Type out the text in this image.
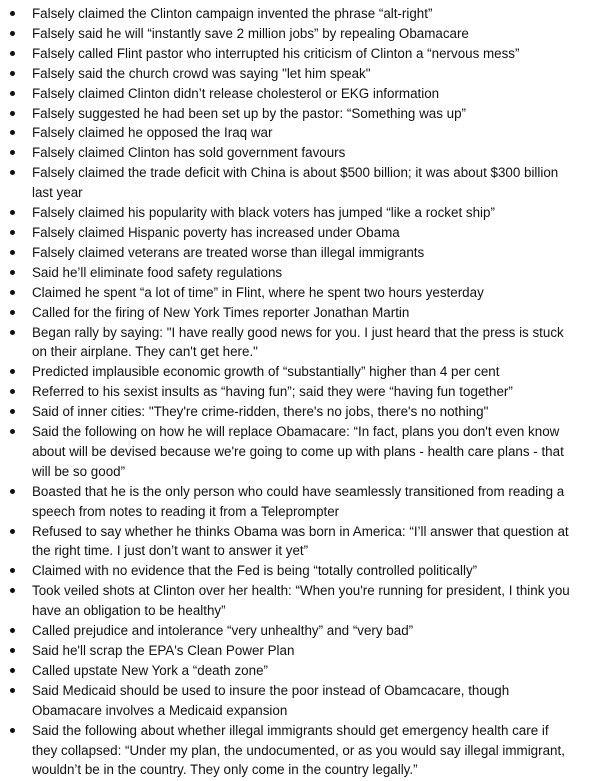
Falsely claimed the Clinton campaign invented the phrase “alt-right”
Falsely said he will “instantly save 2 million jobs” by repealing Obamacare
Falsely called Flint pastor who interrupted his criticism of Clinton a “nervous mess”
Falsely said the church crowd was saying "let him speak"
Falsely claimed Clinton didn’t release cholesterol or EKG information
Falsely suggested he had been set up by the pastor: “Something was up”
Falsely claimed he opposed the Iraq war
Falsely claimed Clinton has sold government favours
Falsely claimed the trade deficit with China is about $500 billion; it was about $300 billion last year
Falsely claimed his popularity with black voters has jumped “like a rocket ship”
Falsely claimed Hispanic poverty has increased under Obama
Falsely claimed veterans are treated worse than illegal immigrants
Said he’ll eliminate food safety regulations
Claimed he spent “a lot of time” in Flint, where he spent two hours yesterday
Called for the firing of New York Times reporter Jonathan Martin
Began rally by saying: "I have really good news for you. I just heard that the press is stuck on their airplane. They can't get here."
Predicted implausible economic growth of “substantially” higher than 4 per cent
Referred to his sexist insults as “having fun”; said they were “having fun together”
Said of inner cities: "They're crime-ridden, there's no jobs, there's no nothing"
Said the following on how he will replace Obamacare: “In fact, plans you don't even know about will be devised because we're going to come up with plans - health care plans - that will be so good”
Boasted that he is the only person who could have seamlessly transitioned from reading a speech from notes to reading it from a Teleprompter
Refused to say whether he thinks Obama was born in America: “I’ll answer that question at the right time. I just don’t want to answer it yet”
Claimed with no evidence that the Fed is being “totally controlled politically”
Took veiled shots at Clinton over her health: “When you're running for president, I think you have an obligation to be healthy”
Called prejudice and intolerance “very unhealthy” and “very bad”
Said he'll scrap the EPA's Clean Power Plan
Called upstate New York a “death zone”
Said Medicaid should be used to insure the poor instead of Obamcacare, though Obamacare involves a Medicaid expansion
Said the following about whether illegal immigrants should get emergency health care if they collapsed: “Under my plan, the undocumented, or as you would say illegal immigrant, wouldn’t be in the country. They only come in the country legally.”
